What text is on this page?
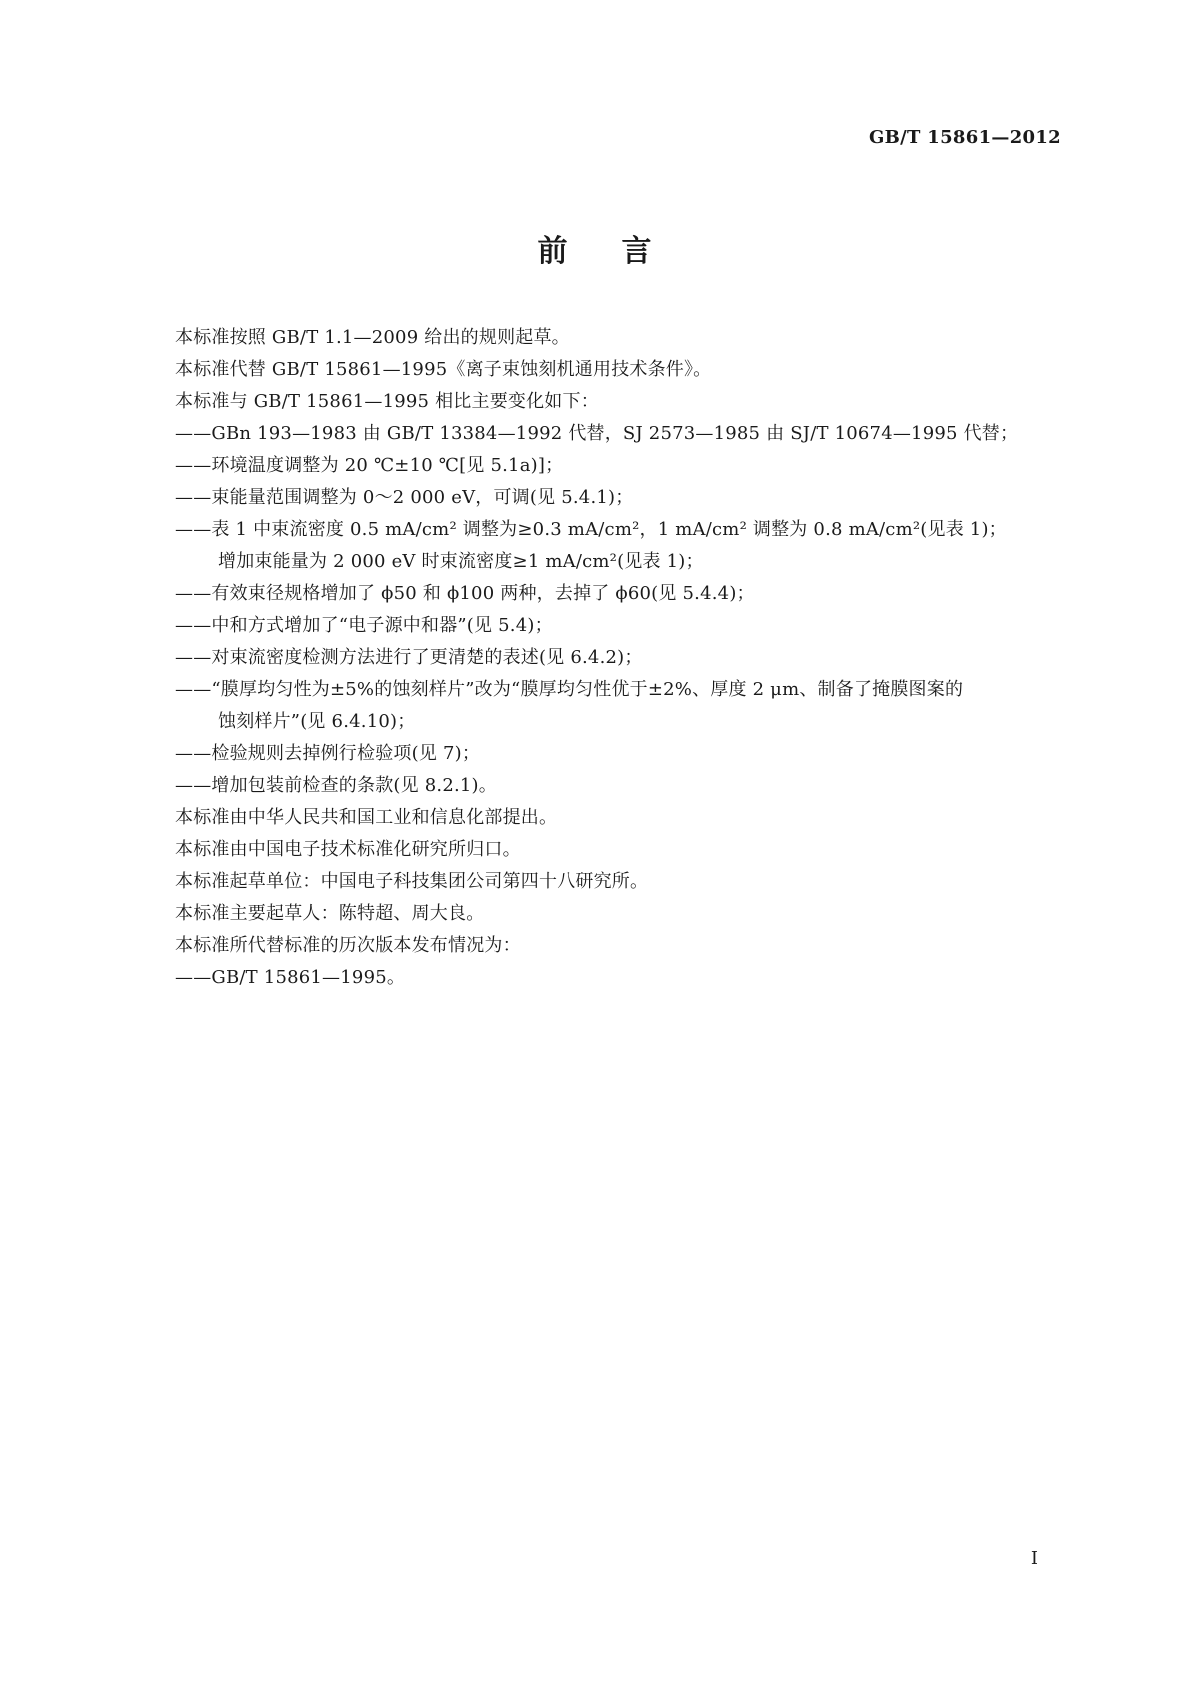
GB/T 15861—2012
前 言
本标准按照 GB/T 1.1—2009 给出的规则起草。
本标准代替 GB/T 15861—1995《离子束蚀刻机通用技术条件》。
本标准与 GB/T 15861—1995 相比主要变化如下：
——GBn 193—1983 由 GB/T 13384—1992 代替，SJ 2573—1985 由 SJ/T 10674—1995 代替；
——环境温度调整为 20 ℃±10 ℃[见 5.1a)]；
——束能量范围调整为 0～2 000 eV，可调(见 5.4.1)；
——表 1 中束流密度 0.5 mA/cm² 调整为≥0.3 mA/cm²，1 mA/cm² 调整为 0.8 mA/cm²(见表 1)；
增加束能量为 2 000 eV 时束流密度≥1 mA/cm²(见表 1)；
——有效束径规格增加了 ϕ50 和 ϕ100 两种，去掉了 ϕ60(见 5.4.4)；
——中和方式增加了“电子源中和器”(见 5.4)；
——对束流密度检测方法进行了更清楚的表述(见 6.4.2)；
——“膜厚均匀性为±5%的蚀刻样片”改为“膜厚均匀性优于±2%、厚度 2 μm、制备了掩膜图案的
蚀刻样片”(见 6.4.10)；
——检验规则去掉例行检验项(见 7)；
——增加包装前检查的条款(见 8.2.1)。
本标准由中华人民共和国工业和信息化部提出。
本标准由中国电子技术标准化研究所归口。
本标准起草单位：中国电子科技集团公司第四十八研究所。
本标准主要起草人：陈特超、周大良。
本标准所代替标准的历次版本发布情况为：
——GB/T 15861—1995。
I
